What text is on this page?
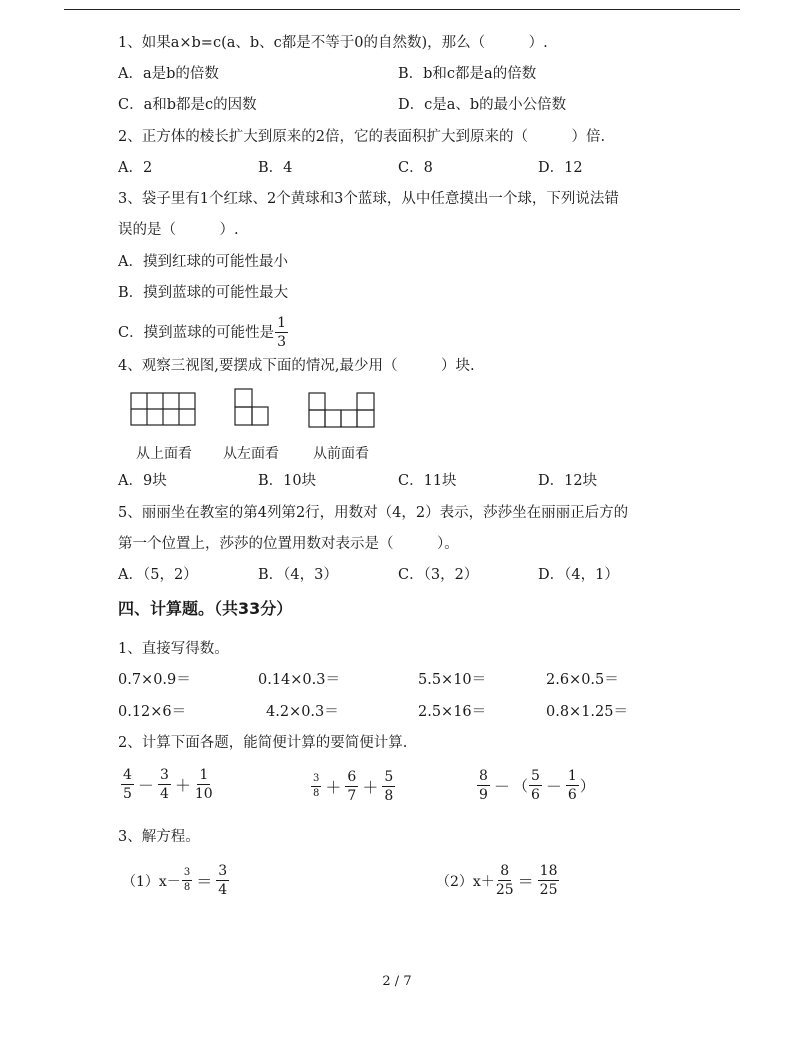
1、如果a×b=c(a、b、c都是不等于0的自然数)，那么（　　　）.
A．a是b的倍数	B．b和c都是a的倍数
C．a和b都是c的因数	D．c是a、b的最小公倍数
2、正方体的棱长扩大到原来的2倍，它的表面积扩大到原来的（　　　）倍.
A．2	B．4	C．8	D．12
3、袋子里有1个红球、2个黄球和3个蓝球，从中任意摸出一个球，下列说法错
误的是（　　　）.
A．摸到红球的可能性最小
B．摸到蓝球的可能性最大
C．摸到蓝球的可能性是 $\frac{1}{3}$
4、观察三视图,要摆成下面的情况,最少用（　　　）块.
从上面看 从左面看 从前面看
A．9块	B．10块	C．11块	D．12块
5、丽丽坐在教室的第4列第2行，用数对（4，2）表示，莎莎坐在丽丽正后方的
第一个位置上，莎莎的位置用数对表示是（　　　）。
A．（5，2）	B．（4，3）	C．（3，2）	D．（4，1）
四、计算题。（共33分）
1、直接写得数。
0.7×0.9＝	0.14×0.3＝	5.5×10＝	2.6×0.5＝
0.12×6＝	4.2×0.3＝	2.5×16＝	0.8×1.25＝
2、计算下面各题，能简便计算的要简便计算.
$\frac{4}{5} - \frac{3}{4} + \frac{1}{10}$	$\frac{3}{8} + \frac{6}{7} + \frac{5}{8}$	$\frac{8}{9}$ － （ $\frac{5}{6} - \frac{1}{6}$ ）
3、解方程。
$(1)x- \frac{3}{8} = \frac{3}{4}$	$(2)x+ \frac{8}{25} = \frac{18}{25}$
2 / 7
